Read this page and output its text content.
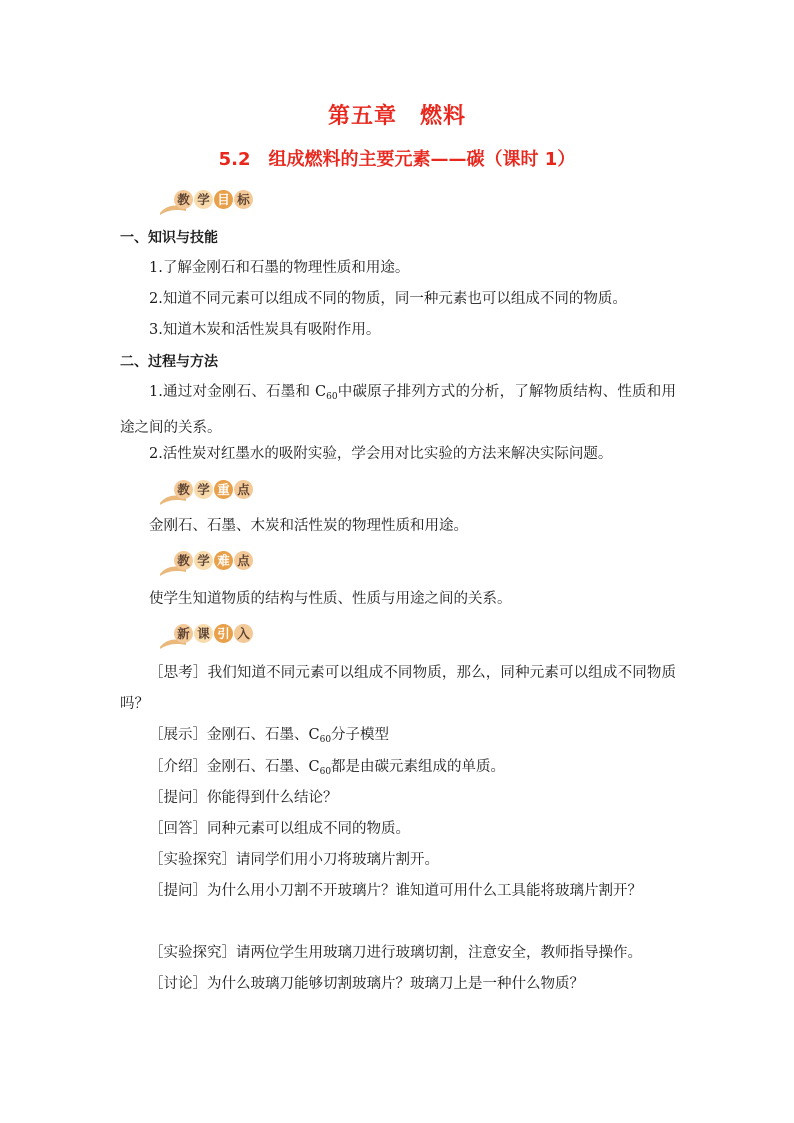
第五章　燃料
5.2　组成燃料的主要元素——碳（课时 1）
教 学 目 标
一、知识与技能
1.了解金刚石和石墨的物理性质和用途。
2.知道不同元素可以组成不同的物质，同一种元素也可以组成不同的物质。
3.知道木炭和活性炭具有吸附作用。
二、过程与方法
1.通过对金刚石、石墨和 $C_{60}$中碳原子排列方式的分析，了解物质结构、性质和用途之间的关系。
2.活性炭对红墨水的吸附实验，学会用对比实验的方法来解决实际问题。
教 学 重 点
金刚石、石墨、木炭和活性炭的物理性质和用途。
教 学 难 点
使学生知道物质的结构与性质、性质与用途之间的关系。
新 课 引 入
［思考］我们知道不同元素可以组成不同物质，那么，同种元素可以组成不同物质吗？
［展示］金刚石、石墨、$C_{60}$分子模型
［介绍］金刚石、石墨、$C_{60}$都是由碳元素组成的单质。
［提问］你能得到什么结论？
［回答］同种元素可以组成不同的物质。
［实验探究］请同学们用小刀将玻璃片割开。
［提问］为什么用小刀割不开玻璃片？谁知道可用什么工具能将玻璃片割开？
［实验探究］请两位学生用玻璃刀进行玻璃切割，注意安全，教师指导操作。
［讨论］为什么玻璃刀能够切割玻璃片？玻璃刀上是一种什么物质？
